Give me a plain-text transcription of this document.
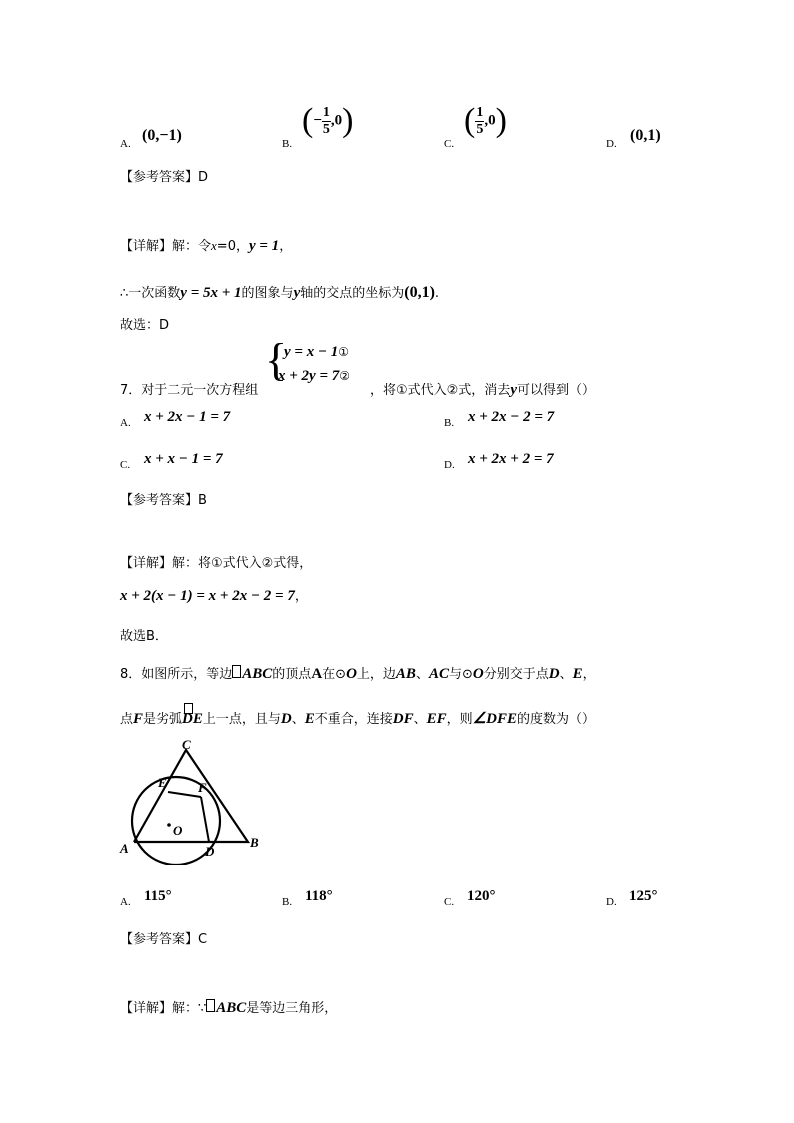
A. (0,−1)	B.
(− $\frac{1}{5} ,0$)
C.
( $\frac{1}{5} ,0$)
D. (0,1)
【参考答案】D
【详解】解：令x=0，y = 1，
∴一次函数y = 5x + 1的图象与y轴的交点的坐标为(0,1).
故选：D
7．对于二元一次方程组
{
y = x − 1①
x + 2y = 7②
，将①式代入②式，消去y可以得到（）
A. x + 2x − 1 = 7	B. x + 2x − 2 = 7
C. x + x − 1 = 7	D. x + 2x + 2 = 7
【参考答案】B
【详解】解：将①式代入②式得，
x + 2(x − 1) = x + 2x − 2 = 7，
故选B．
8．如图所示，等边 ABC的顶点A在⊙O上，边AB、AC与⊙O分别交于点D、E，
点F是劣弧
DE上一点，且与D、E不重合，连接DF、EF，则∠DFE的度数为（）
C
E F
O
A	D
B
A. 115°	B. 118°	C. 120°	D. 125°
【参考答案】C
【详解】解：∵ ABC是等边三角形，
